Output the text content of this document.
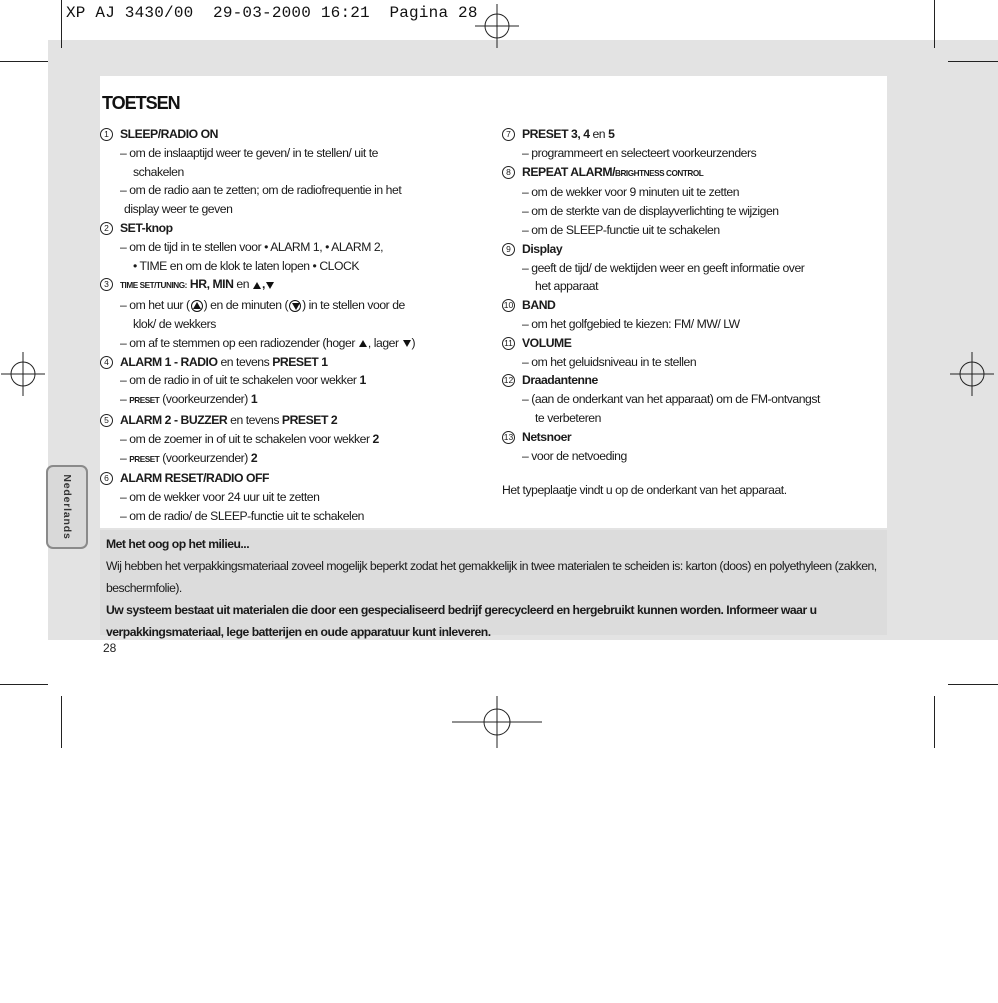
XP AJ 3430/00  29-03-2000 16:21  Pagina 28
TOETSEN
1 SLEEP/RADIO ON
– om de inslaaptijd weer te geven/ in te stellen/ uit te
schakelen
– om de radio aan te zetten; om de radiofrequentie in het
display weer te geven
2 SET-knop
– om de tijd in te stellen voor • ALARM 1, • ALARM 2,
• TIME en om de klok te laten lopen • CLOCK
3	TIME SET/TUNING: HR, MIN en ,
– om het uur ( ) en de minuten ( ) in te stellen voor de
klok/ de wekkers
– om af te stemmen op een radiozender (hoger , lager )
4 ALARM 1 - RADIO en tevens PRESET 1
– om de radio in of uit te schakelen voor wekker 1
– PRESET (voorkeurzender) 1
5 ALARM 2 - BUZZER en tevens PRESET 2
– om de zoemer in of uit te schakelen voor wekker 2
– PRESET (voorkeurzender) 2
6 ALARM RESET/RADIO OFF
– om de wekker voor 24 uur uit te zetten
– om de radio/ de SLEEP-functie uit te schakelen
7 PRESET 3, 4 en 5
– programmeert en selecteert voorkeurzenders
8 REPEAT ALARM/BRIGHTNESS CONTROL
– om de wekker voor 9 minuten uit te zetten
– om de sterkte van de displayverlichting te wijzigen
– om de SLEEP-functie uit te schakelen
9 Display
– geeft de tijd/ de wektijden weer en geeft informatie over
het apparaat
10 BAND
– om het golfgebied te kiezen: FM/ MW/ LW
11 VOLUME
– om het geluidsniveau in te stellen
12 Draadantenne
– (aan de onderkant van het apparaat) om de FM-ontvangst
te verbeteren
13 Netsnoer
– voor de netvoeding
Het typeplaatje vindt u op de onderkant van het apparaat.
Met het oog op het milieu...
Wij hebben het verpakkingsmateriaal zoveel mogelijk beperkt zodat het gemakkelijk in twee materialen te scheiden is: karton (doos) en polyethyleen (zakken, beschermfolie).
Uw systeem bestaat uit materialen die door een gespecialiseerd bedrijf gerecycleerd en hergebruikt kunnen worden. Informeer waar u verpakkingsmateriaal, lege batterijen en oude apparatuur kunt inleveren.
Nederlands
28
